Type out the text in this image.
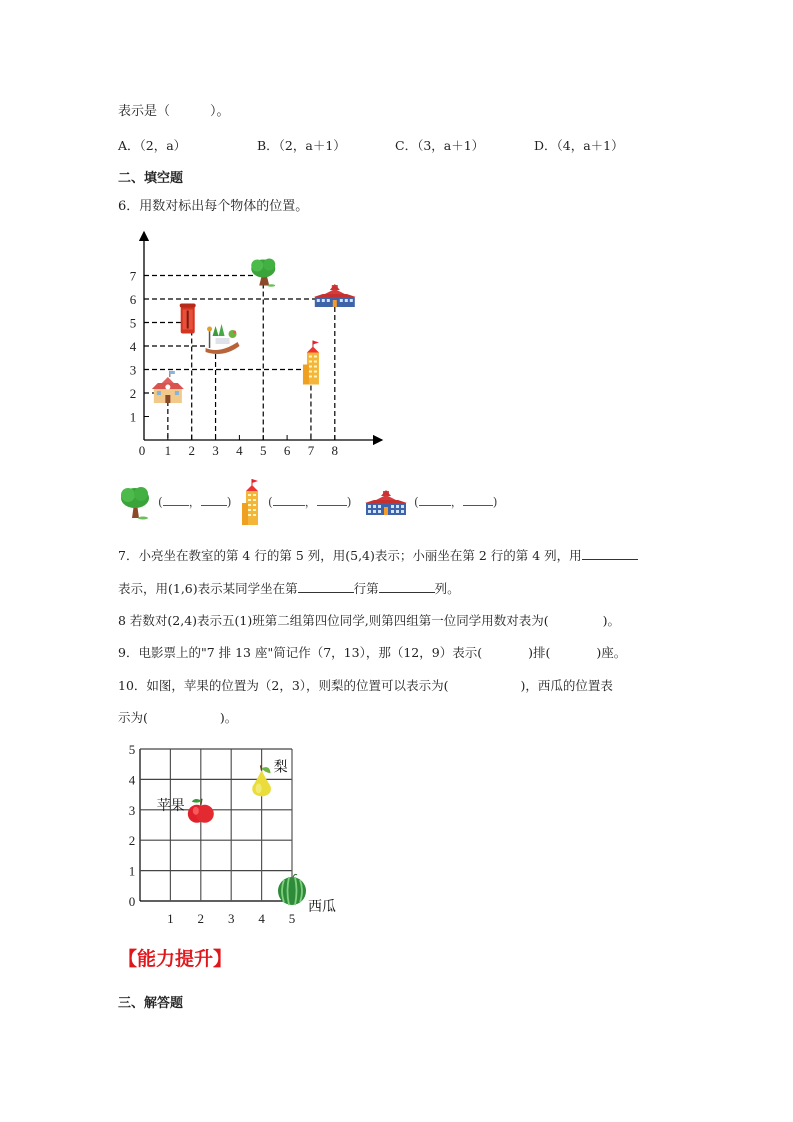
表示是（	）。
A．（2，a）	B．（2，a＋1）	C．（3，a＋1）	D．（4，a＋1）
二、填空题
6．用数对标出每个物体的位置。
0 1 2 3 4 5 6 7 8
1
2
3
4
5
6
7
( ， )	(	，	)	(	，	)
7．小亮坐在教室的第 4 行的第 5 列，用(5,4)表示；小丽坐在第 2 行的第 4 列，用
表示，用(1,6)表示某同学坐在第	行第	列。
8 若数对(2,4)表示五(1)班第二组第四位同学,则第四组第一位同学用数对表为(	)。
9．电影票上的"7 排 13 座"简记作（7，13），那（12，9）表示(	)排(	)座。
10．如图，苹果的位置为（2，3），则梨的位置可以表示为(	)，西瓜的位置表
示为(	)。
1 2 3 4 5
0
1
2
3
4
5
苹果
梨
西瓜
【能力提升】
三、解答题
